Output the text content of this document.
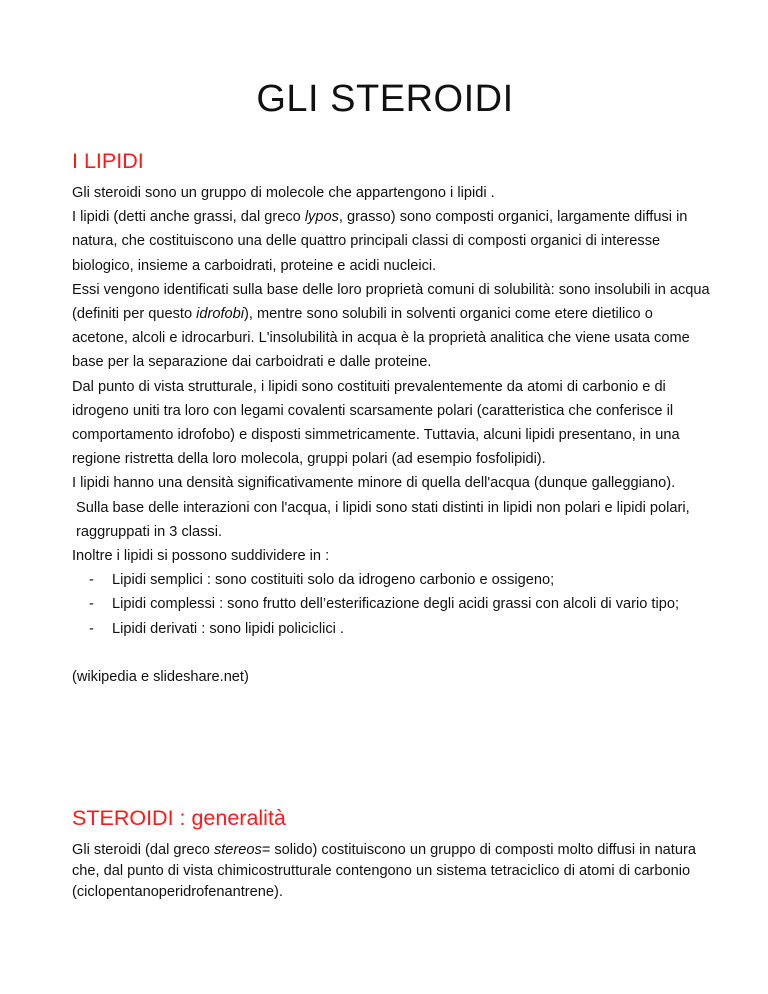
GLI STEROIDI
I LIPIDI

Gli steroidi sono un gruppo di molecole che appartengono i lipidi .

I lipidi (detti anche grassi, dal greco lypos, grasso) sono composti organici, largamente diffusi in natura, che costituiscono una delle quattro principali classi di composti organici di interesse biologico, insieme a carboidrati, proteine e acidi nucleici.

Essi vengono identificati sulla base delle loro proprietà comuni di solubilità: sono insolubili in acqua (definiti per questo idrofobi), mentre sono solubili in solventi organici come etere dietilico o acetone, alcoli e idrocarburi. L'insolubilità in acqua è la proprietà analitica che viene usata come base per la separazione dai carboidrati e dalle proteine.

Dal punto di vista strutturale, i lipidi sono costituiti prevalentemente da atomi di carbonio e di idrogeno uniti tra loro con legami covalenti scarsamente polari (caratteristica che conferisce il comportamento idrofobo) e disposti simmetricamente. Tuttavia, alcuni lipidi presentano, in una regione ristretta della loro molecola, gruppi polari (ad esempio fosfolipidi).

I lipidi hanno una densità significativamente minore di quella dell'acqua (dunque galleggiano).

Sulla base delle interazioni con l'acqua, i lipidi sono stati distinti in lipidi non polari e lipidi polari, raggruppati in 3 classi.

Inoltre i lipidi si possono suddividere in :

- Lipidi semplici : sono costituiti solo da idrogeno carbonio e ossigeno;
- Lipidi complessi : sono frutto dell’esterificazione degli acidi grassi con alcoli di vario tipo;
- Lipidi derivati : sono lipidi policiclici .

(wikipedia e slideshare.net)

STEROIDI : generalità

Gli steroidi (dal greco stereos= solido) costituiscono un gruppo di composti molto diffusi in natura che, dal punto di vista chimicostrutturale contengono un sistema tetraciclico di atomi di carbonio (ciclopentanoperidrofenantrene).
